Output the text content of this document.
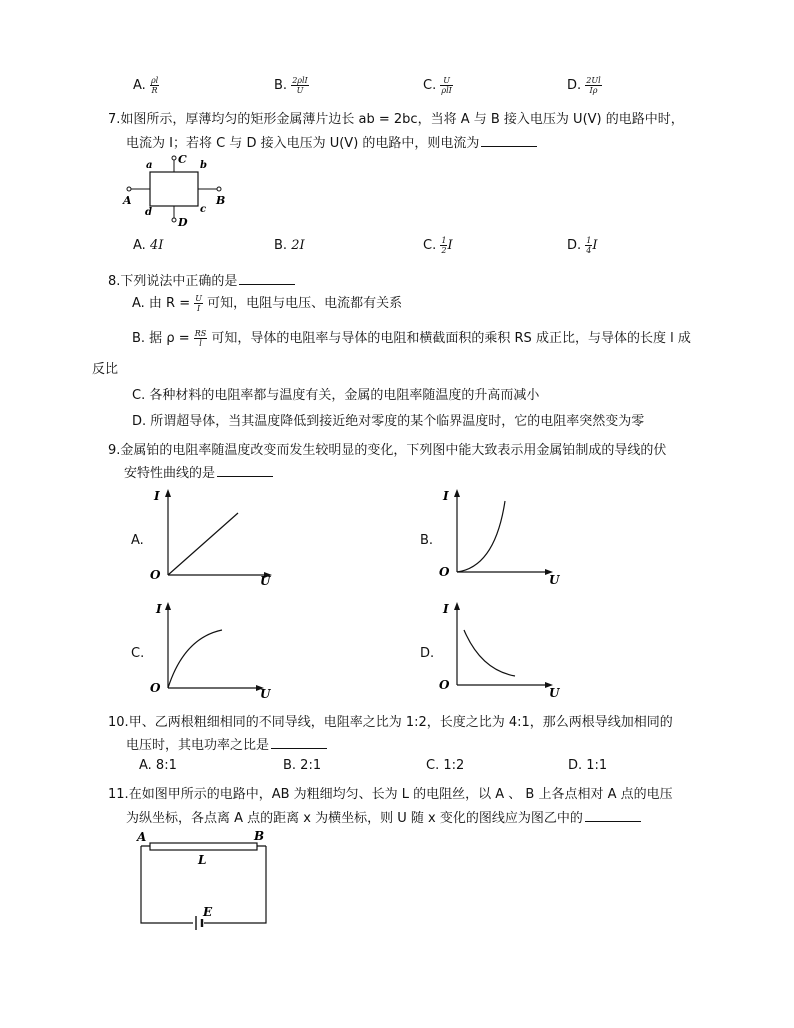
A. $\frac{\rho l}{R}$	B. $\frac{\text{2ρlI}}{U}$	C. $\frac{U}{\text{ρlI}}$	D. $\frac{2Ul}{I\rho}$
7.如图所示，厚薄均匀的矩形金属薄片边长 ab = 2bc，当将 A 与 B 接入电压为 U(V) 的电路中时，
电流为 I；若将 C 与 D 接入电压为 U(V) 的电路中，则电流为
C
D
A	B
a	b
c
d
A. 4I	B. 2I	C. $\frac{1}{2}$ I	D. $\frac{1}{4}$ I
8.下列说法中正确的是
A. 由 $R = \frac{U}{I}$ 可知，电阻与电压、电流都有关系
B. 据 $\rho = \frac{RS}{l}$ 可知，导体的电阻率与导体的电阻和横截面积的乘积 RS 成正比，与导体的长度 l 成
反比
C. 各种材料的电阻率都与温度有关，金属的电阻率随温度的升高而减小
D. 所谓超导体，当其温度降低到接近绝对零度的某个临界温度时，它的电阻率突然变为零
9.金属铂的电阻率随温度改变而发生较明显的变化，下列图中能大致表示用金属铂制成的导线的伏
安特性曲线的是
A.
I
U
O
B.
I
U
O
C.
I
U
O
D.
I
U
O
10.甲、乙两根粗细相同的不同导线，电阻率之比为 1:2，长度之比为 4:1，那么两根导线加相同的
电压时，其电功率之比是
A. 8:1	B. 2:1	C. 1:2	D. 1:1
11.在如图甲所示的电路中，AB 为粗细均匀、长为 L 的电阻丝，以 A 、 B 上各点相对 A 点的电压
为纵坐标，各点离 A 点的距离 x 为横坐标，则 U 随 x 变化的图线应为图乙中的
A	B
L
E
